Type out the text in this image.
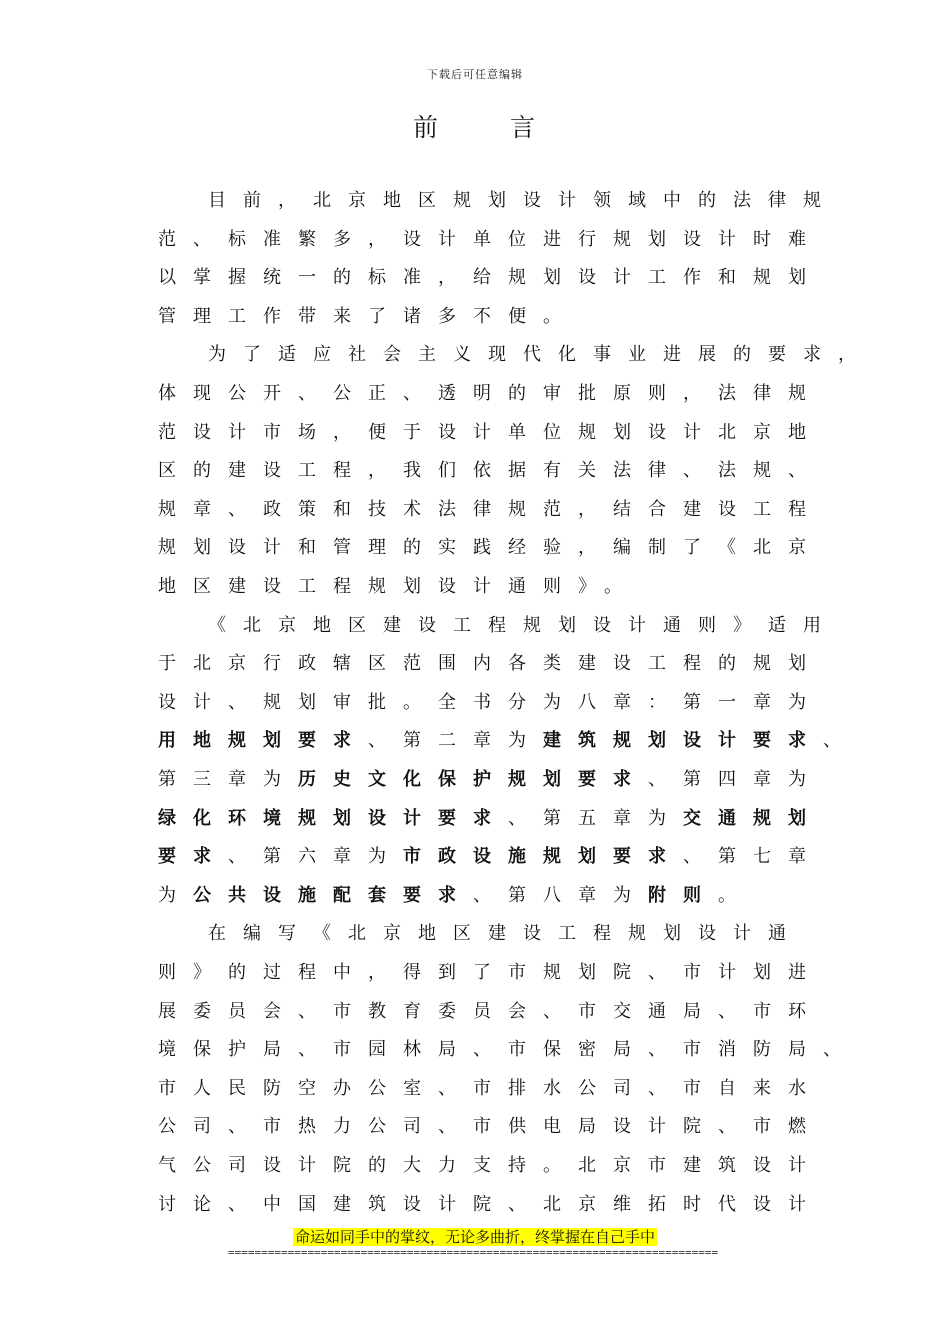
下载后可任意编辑
前	言
目前，北京地区规划设计领域中的法律规
范、标准繁多，设计单位进行规划设计时难
以掌握统一的标准，给规划设计工作和规划
管理工作带来了诸多不便。
为了适应社会主义现代化事业进展的要求，
体现公开、公正、透明的审批原则，法律规
范设计市场，便于设计单位规划设计北京地
区的建设工程，我们依据有关法律、法规、
规章、政策和技术法律规范，结合建设工程
规划设计和管理的实践经验，编制了《北京
地区建设工程规划设计通则》。
《北京地区建设工程规划设计通则》适用
于北京行政辖区范围内各类建设工程的规划
设计、规划审批。全书分为八章：第一章为
用地规划要求、第二章为建筑规划设计要求、
第三章为历史文化保护规划要求、第四章为
绿化环境规划设计要求、第五章为交通规划
要求、第六章为市政设施规划要求、第七章
为公共设施配套要求、第八章为附则。
在编写《北京地区建设工程规划设计通
则》的过程中，得到了市规划院、市计划进
展委员会、市教育委员会、市交通局、市环
境保护局、市园林局、市保密局、市消防局、
市人民防空办公室、市排水公司、市自来水
公司、市热力公司、市供电局设计院、市燃
气公司设计院的大力支持。北京市建筑设计
讨论、中国建筑设计院、北京维拓时代设计
命运如同手中的掌纹，无论多曲折，终掌握在自己手中
==========================================================================
